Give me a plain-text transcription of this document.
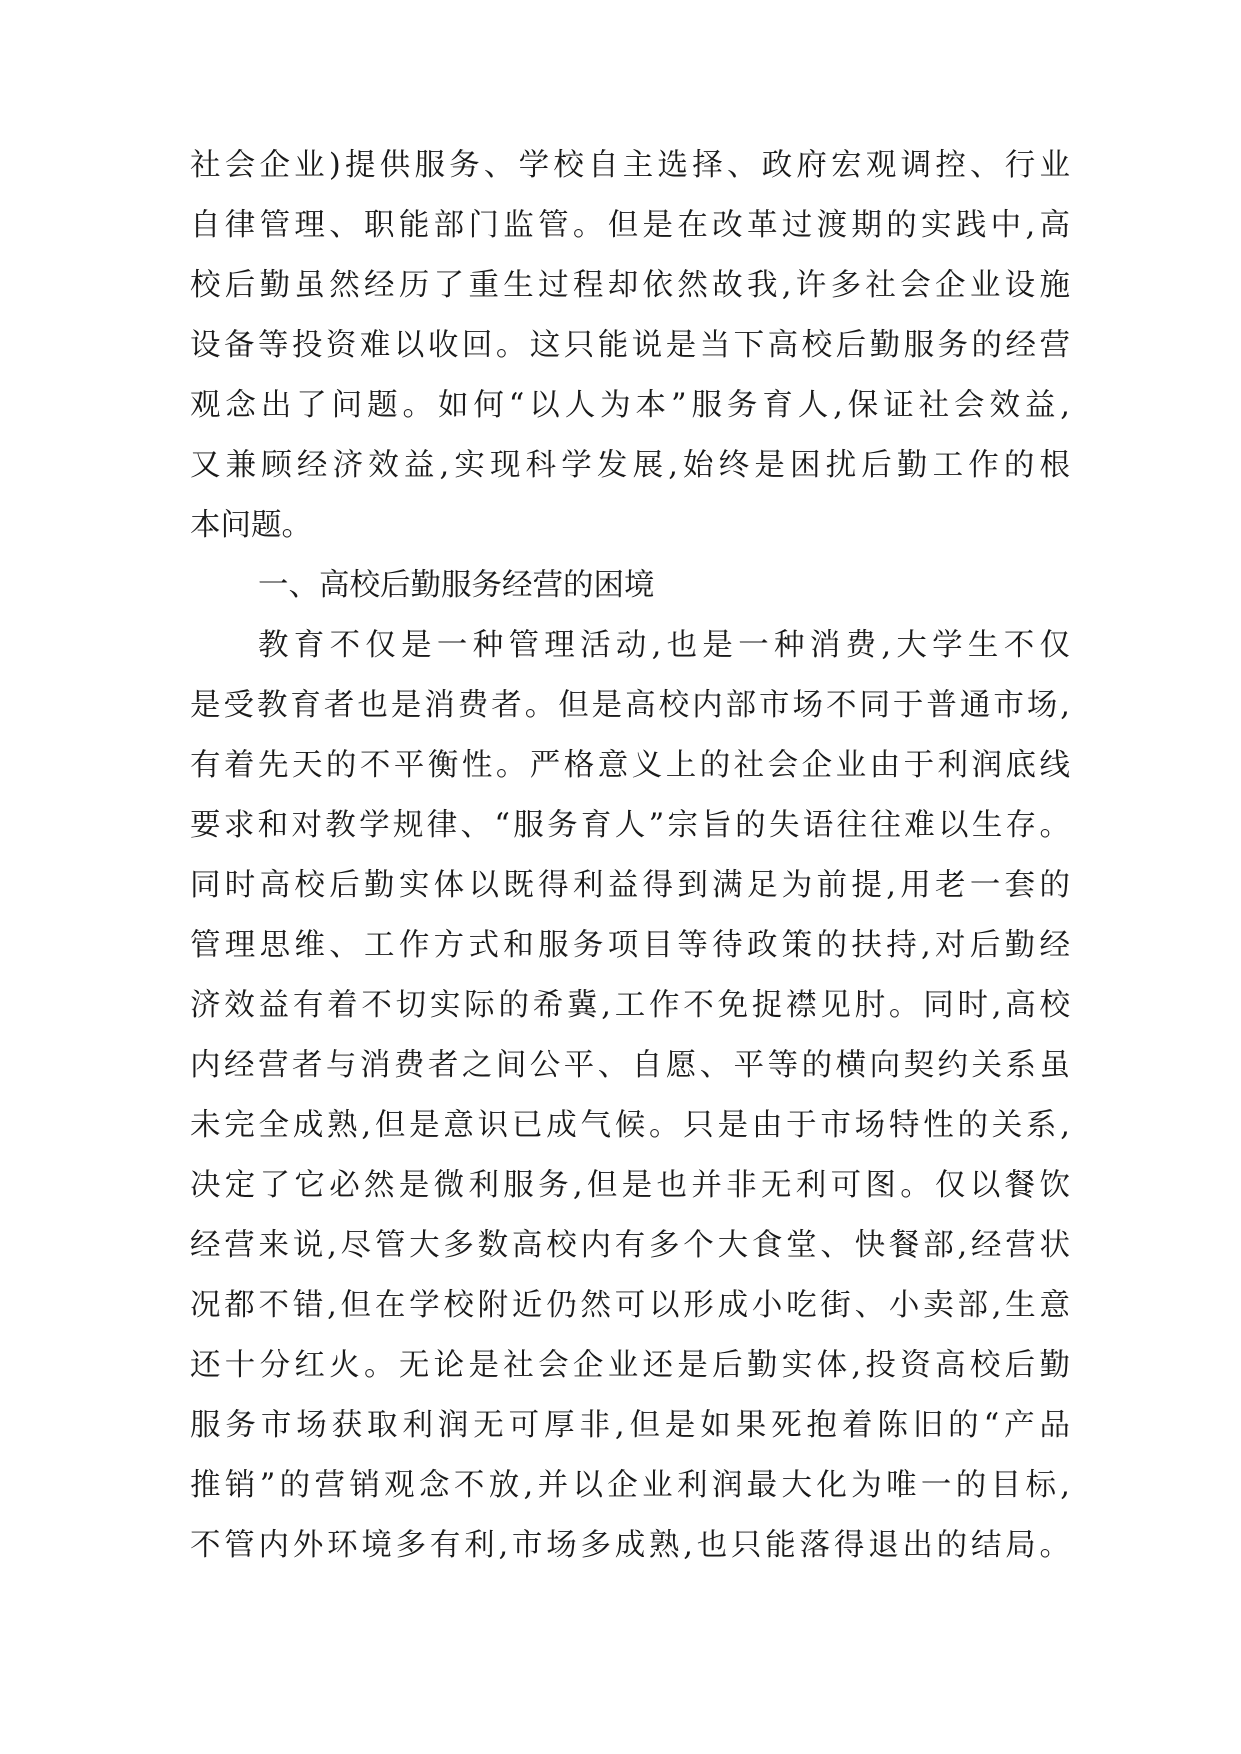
社会企业)提供服务、学校自主选择、政府宏观调控、行业
自律管理、职能部门监管。但是在改革过渡期的实践中,高
校后勤虽然经历了重生过程却依然故我,许多社会企业设施
设备等投资难以收回。这只能说是当下高校后勤服务的经营
观念出了问题。如何“以人为本”服务育人,保证社会效益,
又兼顾经济效益,实现科学发展,始终是困扰后勤工作的根
本问题。
一、高校后勤服务经营的困境
教育不仅是一种管理活动,也是一种消费,大学生不仅
是受教育者也是消费者。但是高校内部市场不同于普通市场,
有着先天的不平衡性。严格意义上的社会企业由于利润底线
要求和对教学规律、“服务育人”宗旨的失语往往难以生存。
同时高校后勤实体以既得利益得到满足为前提,用老一套的
管理思维、工作方式和服务项目等待政策的扶持,对后勤经
济效益有着不切实际的希冀,工作不免捉襟见肘。同时,高校
内经营者与消费者之间公平、自愿、平等的横向契约关系虽
未完全成熟,但是意识已成气候。只是由于市场特性的关系,
决定了它必然是微利服务,但是也并非无利可图。仅以餐饮
经营来说,尽管大多数高校内有多个大食堂、快餐部,经营状
况都不错,但在学校附近仍然可以形成小吃街、小卖部,生意
还十分红火。无论是社会企业还是后勤实体,投资高校后勤
服务市场获取利润无可厚非,但是如果死抱着陈旧的“产品
推销”的营销观念不放,并以企业利润最大化为唯一的目标,
不管内外环境多有利,市场多成熟,也只能落得退出的结局。
